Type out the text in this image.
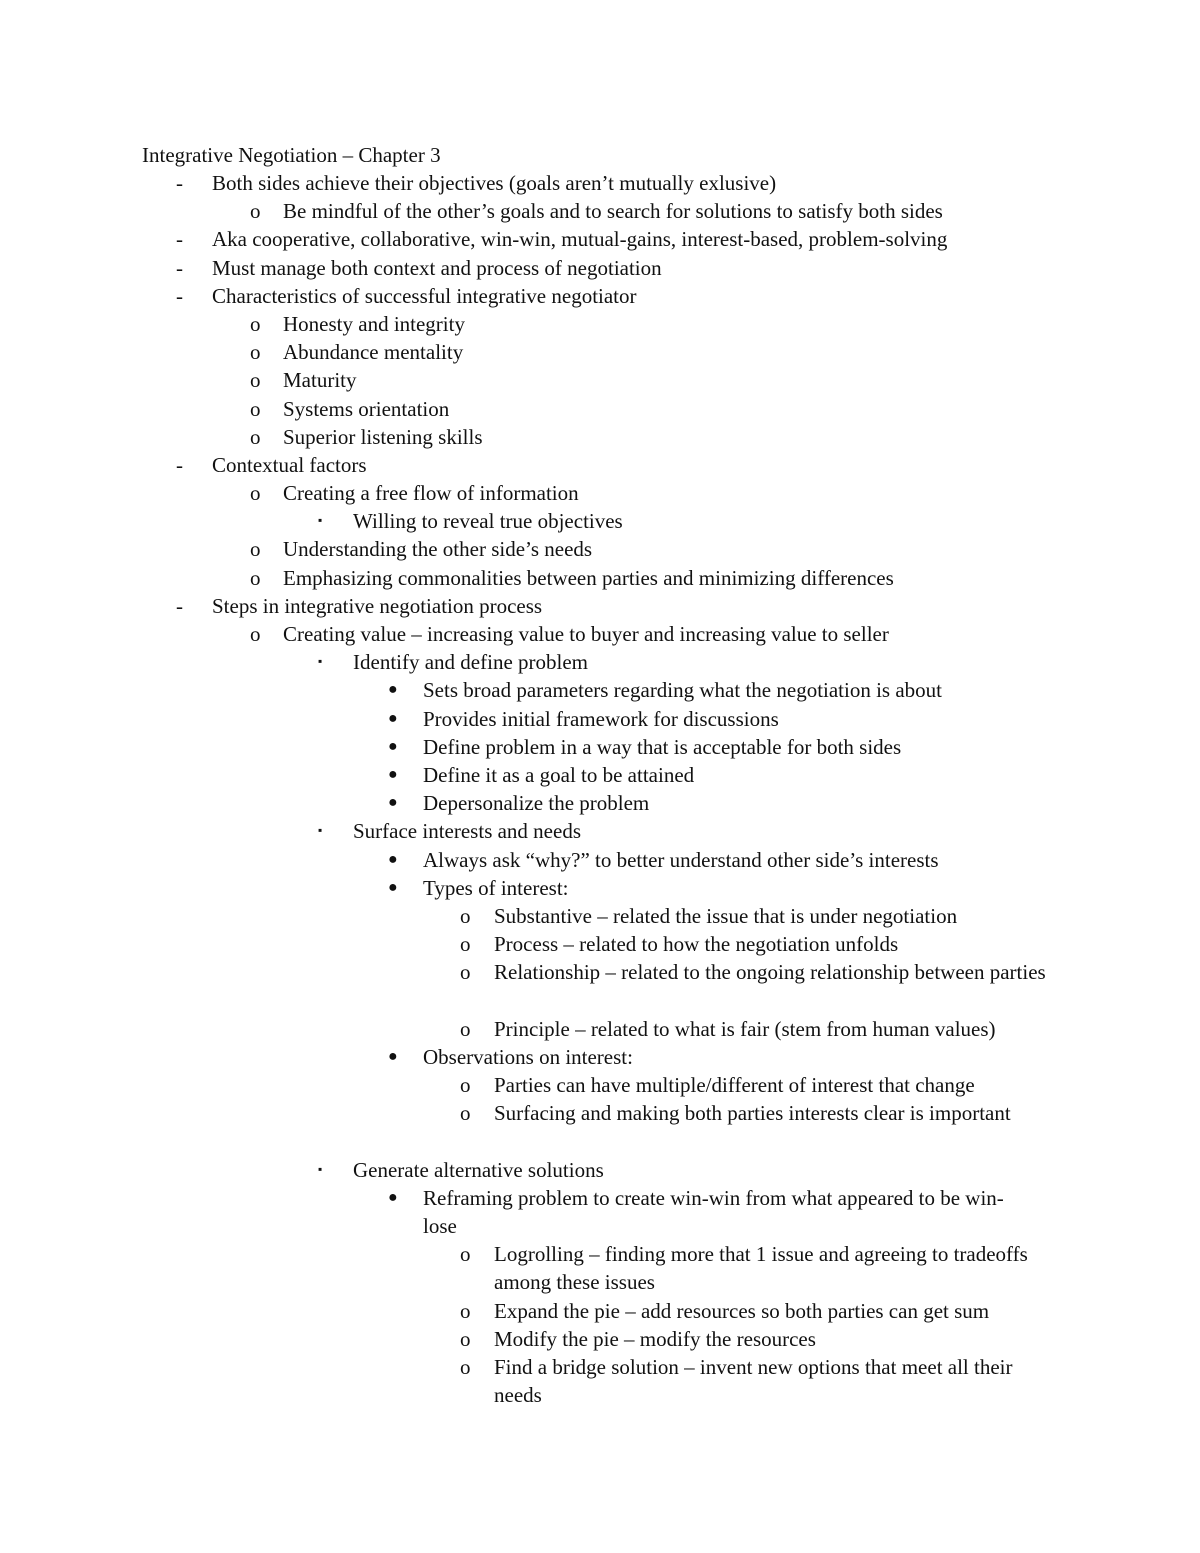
Integrative Negotiation – Chapter 3
- Both sides achieve their objectives (goals aren’t mutually exlusive)
o Be mindful of the other’s goals and to search for solutions to satisfy both sides
- Aka cooperative, collaborative, win-win, mutual-gains, interest-based, problem-solving
- Must manage both context and process of negotiation
- Characteristics of successful integrative negotiator
o Honesty and integrity
o Abundance mentality
o Maturity
o Systems orientation
o Superior listening skills
- Contextual factors
o Creating a free flow of information
▪ Willing to reveal true objectives
o Understanding the other side’s needs
o Emphasizing commonalities between parties and minimizing differences
- Steps in integrative negotiation process
o Creating value – increasing value to buyer and increasing value to seller
▪ Identify and define problem
● Sets broad parameters regarding what the negotiation is about
● Provides initial framework for discussions
● Define problem in a way that is acceptable for both sides
● Define it as a goal to be attained
● Depersonalize the problem
▪ Surface interests and needs
● Always ask “why?” to better understand other side’s interests
● Types of interest:
o Substantive – related the issue that is under negotiation
o Process – related to how the negotiation unfolds
o Relationship – related to the ongoing relationship between parties
o Principle – related to what is fair (stem from human values)
● Observations on interest:
o Parties can have multiple/different of interest that change
o Surfacing and making both parties interests clear is important
▪ Generate alternative solutions
● Reframing problem to create win-win from what appeared to be win-lose
o Logrolling – finding more that 1 issue and agreeing to tradeoffs among these issues
o Expand the pie – add resources so both parties can get sum
o Modify the pie – modify the resources
o Find a bridge solution – invent new options that meet all their needs
